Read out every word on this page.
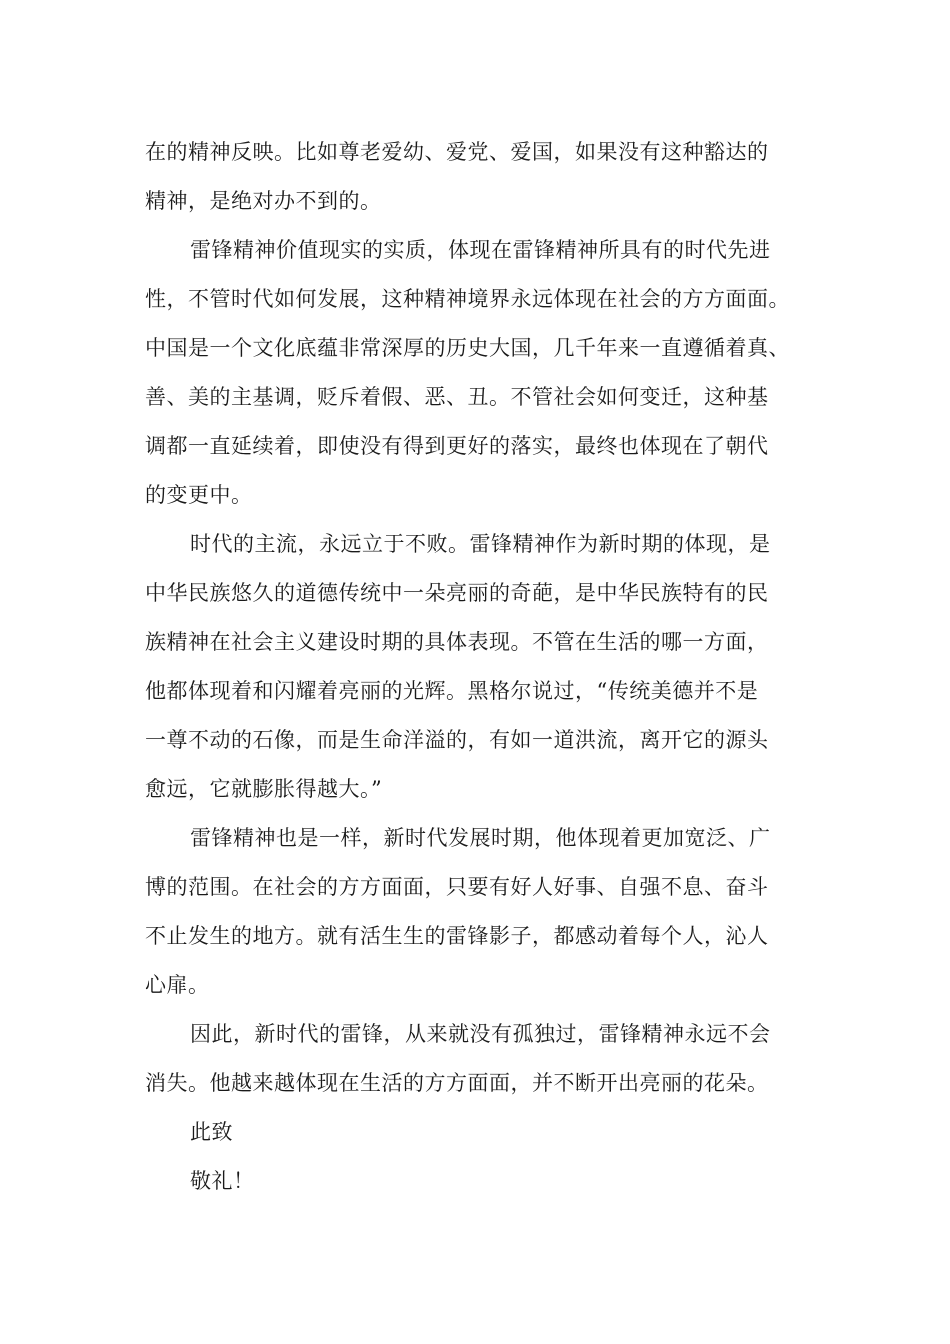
在的精神反映。比如尊老爱幼、爱党、爱国，如果没有这种豁达的
精神，是绝对办不到的。
雷锋精神价值现实的实质，体现在雷锋精神所具有的时代先进
性，不管时代如何发展，这种精神境界永远体现在社会的方方面面。
中国是一个文化底蕴非常深厚的历史大国，几千年来一直遵循着真、
善、美的主基调，贬斥着假、恶、丑。不管社会如何变迁，这种基
调都一直延续着，即使没有得到更好的落实，最终也体现在了朝代
的变更中。
时代的主流，永远立于不败。雷锋精神作为新时期的体现，是
中华民族悠久的道德传统中一朵亮丽的奇葩，是中华民族特有的民
族精神在社会主义建设时期的具体表现。不管在生活的哪一方面，
他都体现着和闪耀着亮丽的光辉。黑格尔说过，“传统美德并不是
一尊不动的石像，而是生命洋溢的，有如一道洪流，离开它的源头
愈远，它就膨胀得越大。”
雷锋精神也是一样，新时代发展时期，他体现着更加宽泛、广
博的范围。在社会的方方面面，只要有好人好事、自强不息、奋斗
不止发生的地方。就有活生生的雷锋影子，都感动着每个人，沁人
心扉。
因此，新时代的雷锋，从来就没有孤独过，雷锋精神永远不会
消失。他越来越体现在生活的方方面面，并不断开出亮丽的花朵。
此致
敬礼！
